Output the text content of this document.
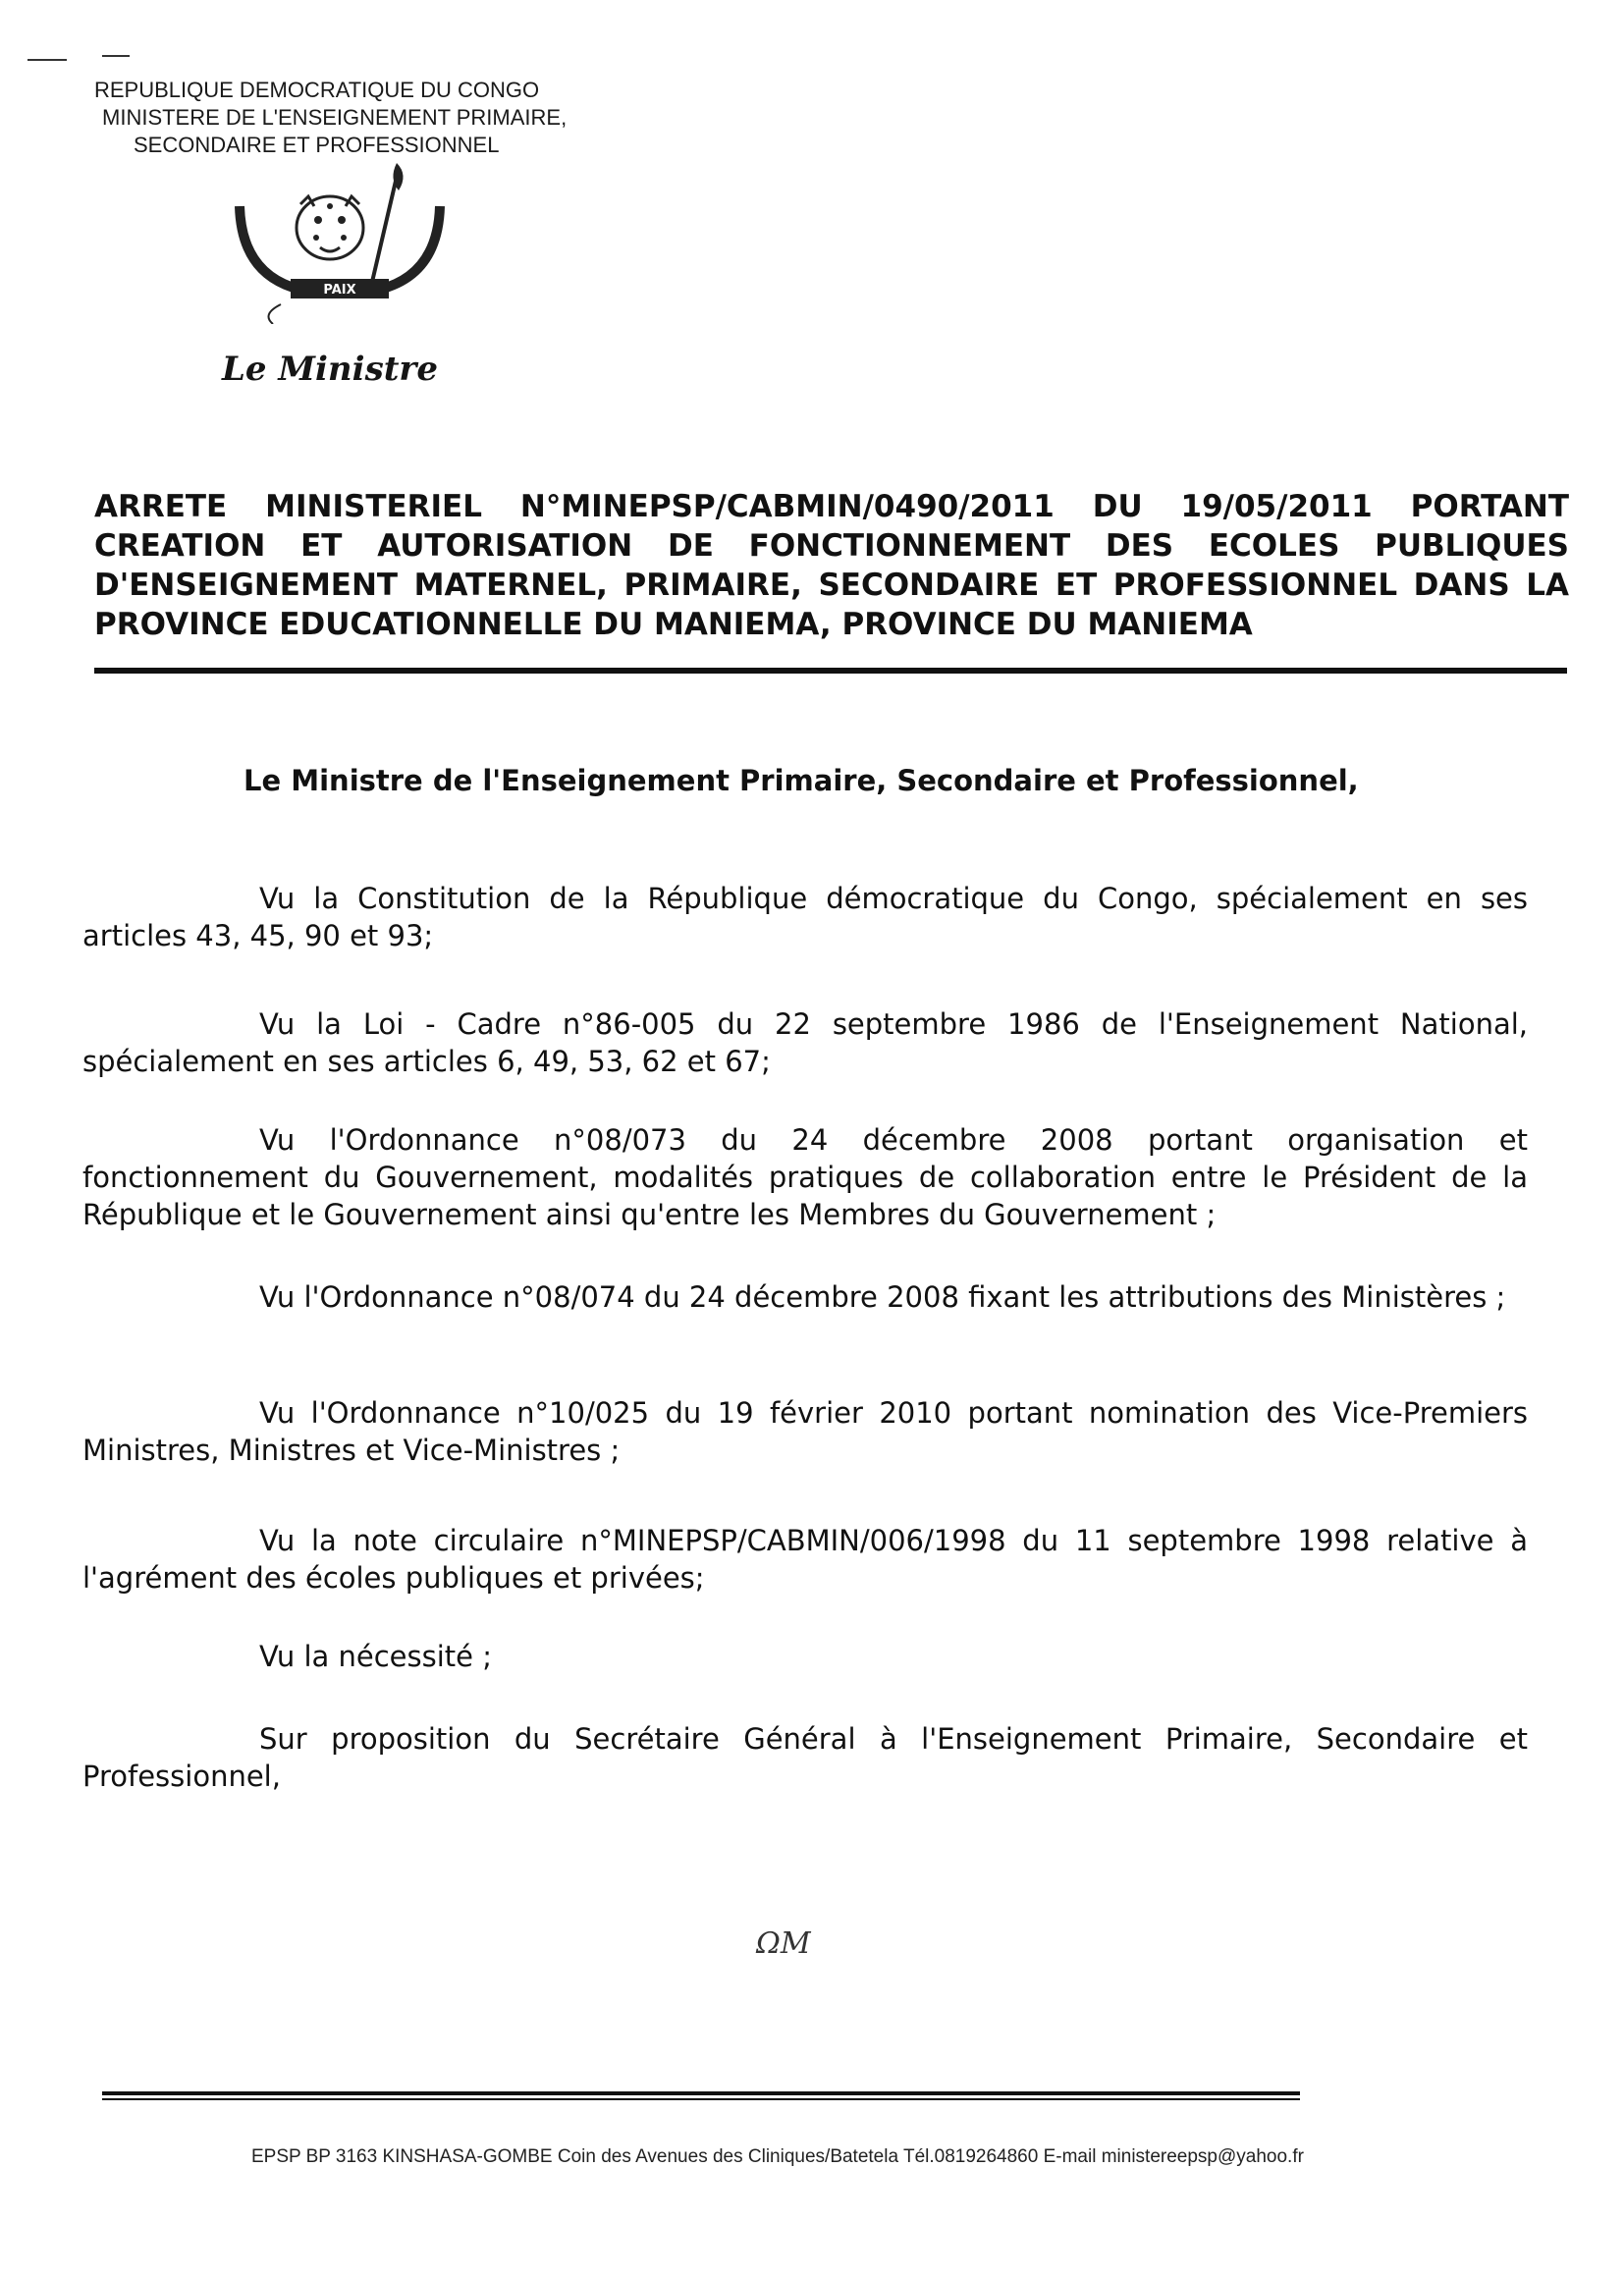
REPUBLIQUE DEMOCRATIQUE DU CONGO
MINISTERE DE L'ENSEIGNEMENT PRIMAIRE,
SECONDAIRE ET PROFESSIONNEL
PAIX
Le Ministre
ARRETE MINISTERIEL N°MINEPSP/CABMIN/0490/2011 DU 19/05/2011 PORTANT CREATION ET AUTORISATION DE FONCTIONNEMENT DES ECOLES PUBLIQUES D'ENSEIGNEMENT MATERNEL, PRIMAIRE, SECONDAIRE ET PROFESSIONNEL DANS LA PROVINCE EDUCATIONNELLE DU MANIEMA, PROVINCE DU MANIEMA
Le Ministre de l'Enseignement Primaire, Secondaire et Professionnel,
Vu la Constitution de la République démocratique du Congo, spécialement en ses articles 43, 45, 90 et 93;
Vu la Loi - Cadre n°86-005 du 22 septembre 1986 de l'Enseignement National, spécialement en ses articles 6, 49, 53, 62 et 67;
Vu l'Ordonnance n°08/073 du 24 décembre 2008 portant organisation et fonctionnement du Gouvernement, modalités pratiques de collaboration entre le Président de la République et le Gouvernement ainsi qu'entre les Membres du Gouvernement ;
Vu l'Ordonnance n°08/074 du 24 décembre 2008 fixant les attributions des Ministères ;
Vu l'Ordonnance n°10/025 du 19 février 2010 portant nomination des Vice-Premiers Ministres, Ministres et Vice-Ministres ;
Vu la note circulaire n°MINEPSP/CABMIN/006/1998 du 11 septembre 1998 relative à l'agrément des écoles publiques et privées;
Vu la nécessité ;
Sur proposition du Secrétaire Général à l'Enseignement Primaire, Secondaire et Professionnel,
ΩΜ
EPSP BP 3163 KINSHASA-GOMBE Coin des Avenues des Cliniques/Batetela Tél.0819264860 E-mail ministereepsp@yahoo.fr
